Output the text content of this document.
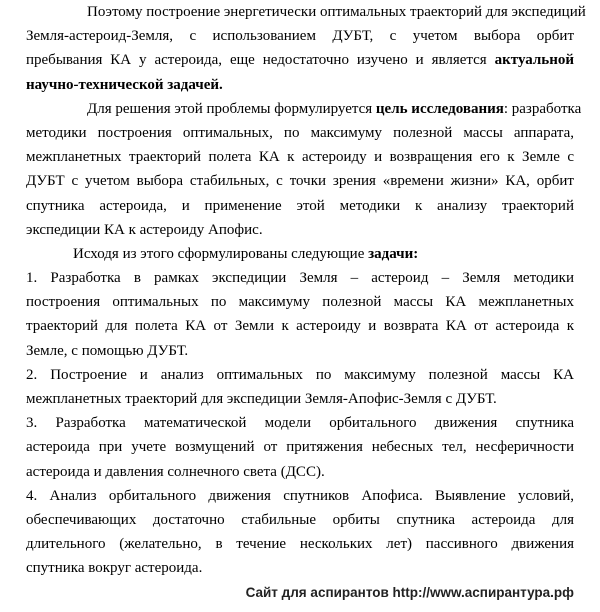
Поэтому построение энергетически оптимальных траекторий для экспедиций
Земля-астероид-Земля, с использованием ДУБТ, с учетом выбора орбит
пребывания КА у астероида, еще недостаточно изучено и является актуальной
научно-технической задачей.
Для решения этой проблемы формулируется цель исследования: разработка
методики построения оптимальных, по максимуму полезной массы аппарата,
межпланетных траекторий полета КА к астероиду и возвращения его к Земле с
ДУБТ с учетом выбора стабильных, с точки зрения «времени жизни» КА, орбит
спутника астероида, и применение этой методики к анализу траекторий
экспедиции КА к астероиду Апофис.
Исходя из этого сформулированы следующие задачи:
1. Разработка в рамках экспедиции Земля – астероид – Земля методики
построения оптимальных по максимуму полезной массы КА межпланетных
траекторий для полета КА от Земли к астероиду и возврата КА от астероида к
Земле, с помощью ДУБТ.
2. Построение и анализ оптимальных по максимуму полезной массы КА
межпланетных траекторий для экспедиции Земля-Апофис-Земля с ДУБТ.
3. Разработка математической модели орбитального движения спутника
астероида при учете возмущений от притяжения небесных тел, несферичности
астероида и давления солнечного света (ДСС).
4. Анализ орбитального движения спутников Апофиса. Выявление условий,
обеспечивающих достаточно стабильные орбиты спутника астероида для
длительного (желательно, в течение нескольких лет) пассивного движения
спутника вокруг астероида.
Сайт для аспирантов http://www.аспирантура.рф
